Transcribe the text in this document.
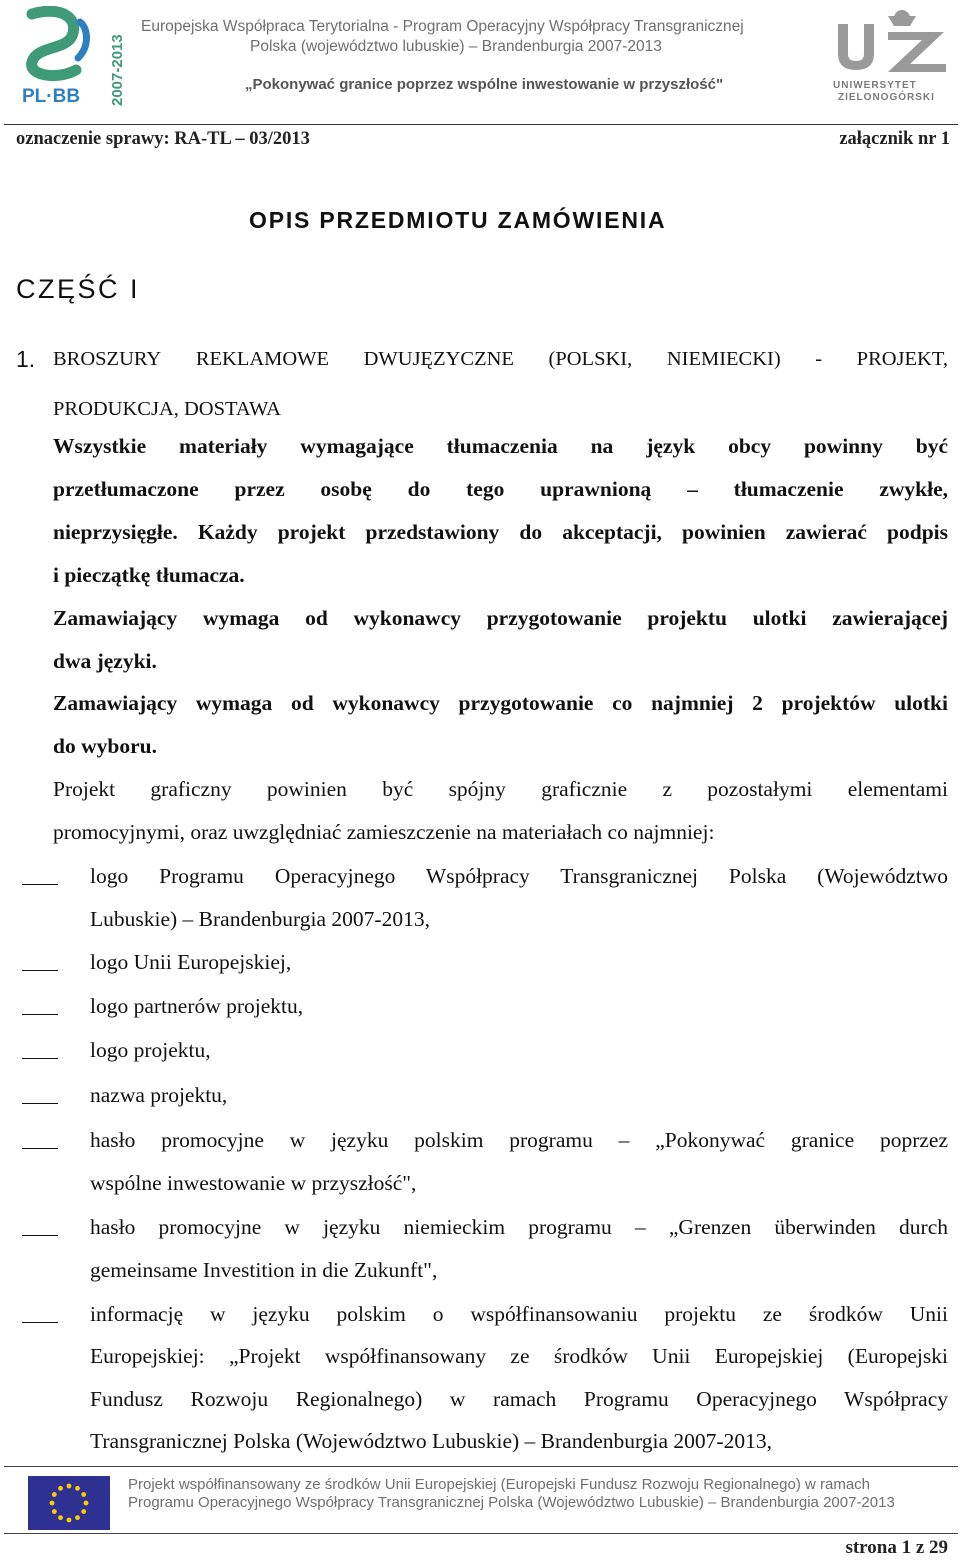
PL·BB 2007-2013
Europejska Współpraca Terytorialna - Program Operacyjny Współpracy Transgranicznej
Polska (województwo lubuskie) – Brandenburgia 2007-2013
„Pokonywać granice poprzez wspólne inwestowanie w przyszłość"	UNIWERSYTET
ZIELONOGÓRSKI
oznaczenie sprawy: RA-TL – 03/2013	załącznik nr 1
OPIS PRZEDMIOTU ZAMÓWIENIA
CZĘŚĆ I
1. BROSZURY REKLAMOWE DWUJĘZYCZNE (POLSKI, NIEMIECKI) - PROJEKT,
PRODUKCJA, DOSTAWA
Wszystkie materiały wymagające tłumaczenia na język obcy powinny być
przetłumaczone przez osobę do tego uprawnioną – tłumaczenie zwykłe,
nieprzysięgłe. Każdy projekt przedstawiony do akceptacji, powinien zawierać podpis
i pieczątkę tłumacza.
Zamawiający wymaga od wykonawcy przygotowanie projektu ulotki zawierającej
dwa języki.
Zamawiający wymaga od wykonawcy przygotowanie co najmniej 2 projektów ulotki
do wyboru.
Projekt graficzny powinien być spójny graficznie z pozostałymi elementami
promocyjnymi, oraz uwzględniać zamieszczenie na materiałach co najmniej:
logo Programu Operacyjnego Współpracy Transgranicznej Polska (Województwo
Lubuskie) – Brandenburgia 2007-2013,
logo Unii Europejskiej,
logo partnerów projektu,
logo projektu,
nazwa projektu,
hasło promocyjne w języku polskim programu – „Pokonywać granice poprzez
wspólne inwestowanie w przyszłość",
hasło promocyjne w języku niemieckim programu – „Grenzen überwinden durch
gemeinsame Investition in die Zukunft",
informację w języku polskim o współfinansowaniu projektu ze środków Unii
Europejskiej: „Projekt współfinansowany ze środków Unii Europejskiej (Europejski
Fundusz Rozwoju Regionalnego) w ramach Programu Operacyjnego Współpracy
Transgranicznej Polska (Województwo Lubuskie) – Brandenburgia 2007-2013,
Projekt współfinansowany ze środków Unii Europejskiej (Europejski Fundusz Rozwoju Regionalnego) w ramach
Programu Operacyjnego Współpracy Transgranicznej Polska (Województwo Lubuskie) – Brandenburgia 2007-2013
strona 1 z 29
